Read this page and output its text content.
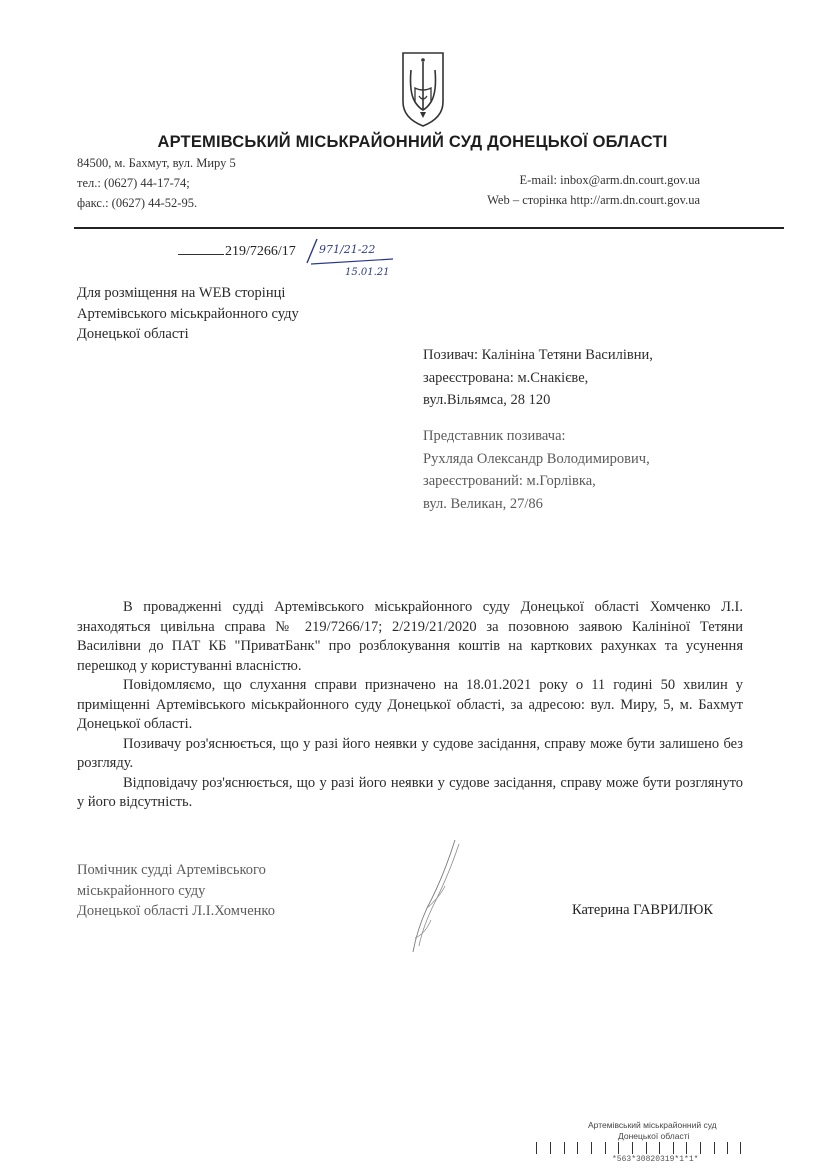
АРТЕМІВСЬКИЙ МІСЬКРАЙОННИЙ СУД ДОНЕЦЬКОЇ ОБЛАСТІ
84500, м. Бахмут, вул. Миру 5
тел.: (0627) 44-17-74;
факс.: (0627) 44-52-95.
E-mail: inbox@arm.dn.court.gov.ua
Web – сторінка http://arm.dn.court.gov.ua
219/7266/17 971/21-22
15.01.21
Для розміщення на WEB сторінці
Артемівського міськрайонного суду
Донецької області
Позивач: Калініна Тетяни Василівни,
зареєстрована: м.Снакієве,
вул.Вільямса, 28 120
Представник позивача:
Рухляда Олександр Володимирович,
зареєстрований: м.Горлівка,
вул. Великан, 27/86

В провадженні судді Артемівського міськрайонного суду Донецької області Хомченко Л.І. знаходяться цивільна справа № 219/7266/17; 2/219/21/2020 за позовною заявою Калініної Тетяни Василівни до ПАТ КБ "ПриватБанк" про розблокування коштів на карткових рахунках та усунення перешкод у користуванні власністю.

Повідомляємо, що слухання справи призначено на 18.01.2021 року о 11 годині 50 хвилин у приміщенні Артемівського міськрайонного суду Донецької області, за адресою: вул. Миру, 5, м. Бахмут Донецької області.

Позивачу роз'яснюється, що у разі його неявки у судове засідання, справу може бути залишено без розгляду.

Відповідачу роз'яснюється, що у разі його неявки у судове засідання, справу може бути розглянуто у його відсутність.

Помічник судді Артемівського
міськрайонного суду
Донецької області Л.І.Хомченко	Катерина ГАВРИЛЮК
Артемівський міськрайонний суд
Донецької області
*563*30820319*1*1*
